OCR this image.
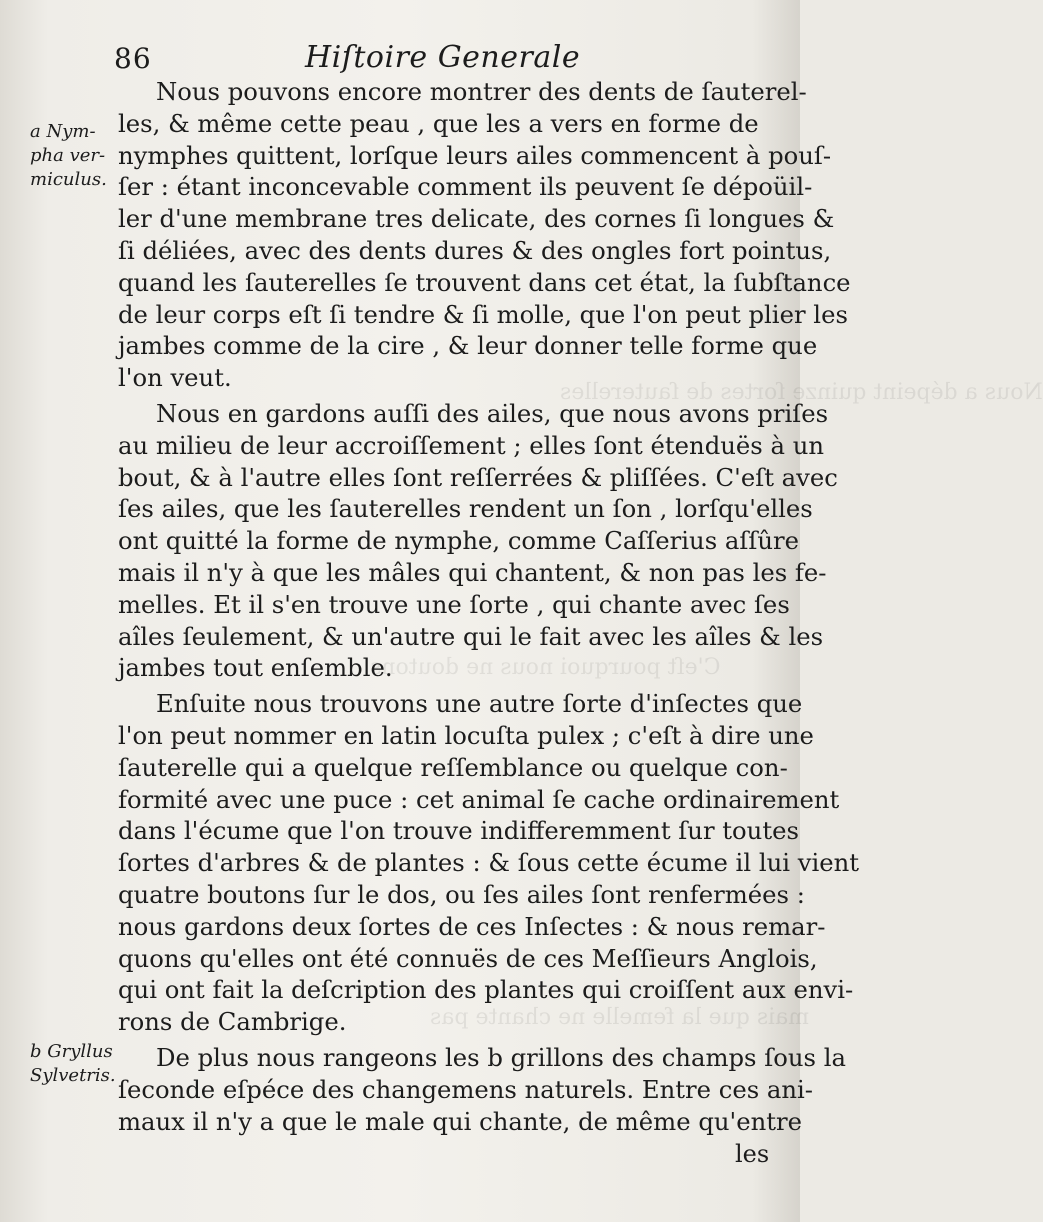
Nous a dépeint quinze ſortes de ſauterelles
C'eſt pourquoi nous ne doutons
mais que la femelle ne chante pas
86	Hiſtoire Generale
a Nym-
pha ver-
miculus.
b Gryllus
Sylvetris.
Nous pouvons encore montrer des dents de ſauterel-
les, & même cette peau , que les a vers en forme de
nymphes quittent, lorſque leurs ailes commencent à pouſ-
ſer : étant inconcevable comment ils peuvent ſe dépoüil-
ler d'une membrane tres delicate, des cornes ſi longues &
ſi déliées, avec des dents dures & des ongles fort pointus,
quand les ſauterelles ſe trouvent dans cet état, la ſubſtance
de leur corps eſt ſi tendre & ſi molle, que l'on peut plier les
jambes comme de la cire , & leur donner telle forme que
l'on veut.
Nous en gardons auſſi des ailes, que nous avons priſes
au milieu de leur accroiſſement ; elles ſont étenduës à un
bout, & à l'autre elles ſont reſſerrées & pliſſées. C'eſt avec
ſes ailes, que les ſauterelles rendent un ſon , lorſqu'elles
ont quitté la forme de nymphe, comme Caſſerius aſſûre
mais il n'y à que les mâles qui chantent, & non pas les fe-
melles. Et il s'en trouve une ſorte , qui chante avec ſes
aîles ſeulement, & un'autre qui le fait avec les aîles & les
jambes tout enſemble.
Enſuite nous trouvons une autre ſorte d'inſectes que
l'on peut nommer en latin locuſta pulex ; c'eſt à dire une
ſauterelle qui a quelque reſſemblance ou quelque con-
formité avec une puce : cet animal ſe cache ordinairement
dans l'écume que l'on trouve indifferemment ſur toutes
ſortes d'arbres & de plantes : & ſous cette écume il lui vient
quatre boutons ſur le dos, ou ſes ailes ſont renfermées :
nous gardons deux ſortes de ces Inſectes : & nous remar-
quons qu'elles ont été connuës de ces Meſſieurs Anglois,
qui ont fait la deſcription des plantes qui croiſſent aux envi-
rons de Cambrige.
De plus nous rangeons les b grillons des champs ſous la
ſeconde eſpéce des changemens naturels. Entre ces ani-
maux il n'y a que le male qui chante, de même qu'entre
les
